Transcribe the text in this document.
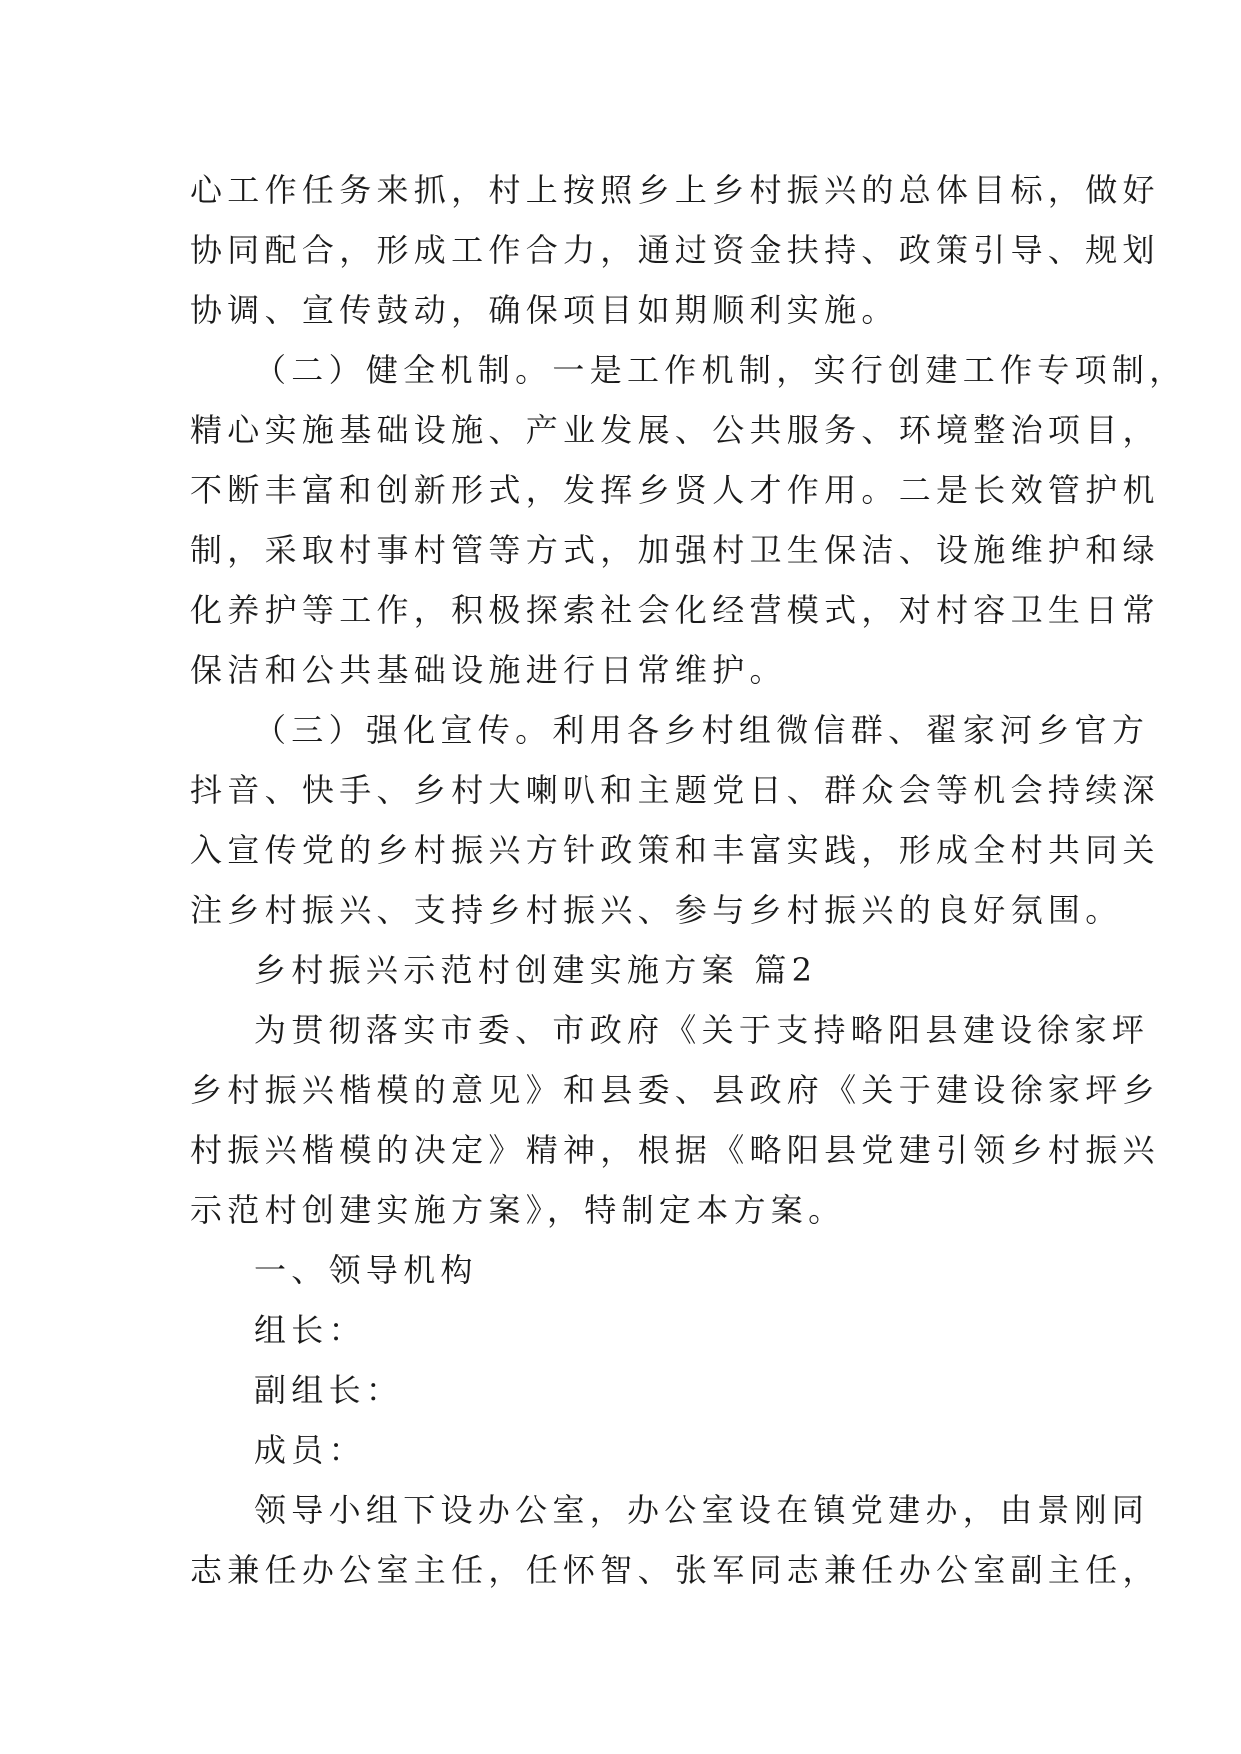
心工作任务来抓，村上按照乡上乡村振兴的总体目标，做好
协同配合，形成工作合力，通过资金扶持、政策引导、规划
协调、宣传鼓动，确保项目如期顺利实施。
（二）健全机制。一是工作机制，实行创建工作专项制，
精心实施基础设施、产业发展、公共服务、环境整治项目，
不断丰富和创新形式，发挥乡贤人才作用。二是长效管护机
制，采取村事村管等方式，加强村卫生保洁、设施维护和绿
化养护等工作，积极探索社会化经营模式，对村容卫生日常
保洁和公共基础设施进行日常维护。
（三）强化宣传。利用各乡村组微信群、翟家河乡官方
抖音、快手、乡村大喇叭和主题党日、群众会等机会持续深
入宣传党的乡村振兴方针政策和丰富实践，形成全村共同关
注乡村振兴、支持乡村振兴、参与乡村振兴的良好氛围。
乡村振兴示范村创建实施方案 篇2
为贯彻落实市委、市政府《关于支持略阳县建设徐家坪
乡村振兴楷模的意见》和县委、县政府《关于建设徐家坪乡
村振兴楷模的决定》精神，根据《略阳县党建引领乡村振兴
示范村创建实施方案》，特制定本方案。
一、领导机构
组长：
副组长：
成员：
领导小组下设办公室，办公室设在镇党建办，由景刚同
志兼任办公室主任，任怀智、张军同志兼任办公室副主任，
